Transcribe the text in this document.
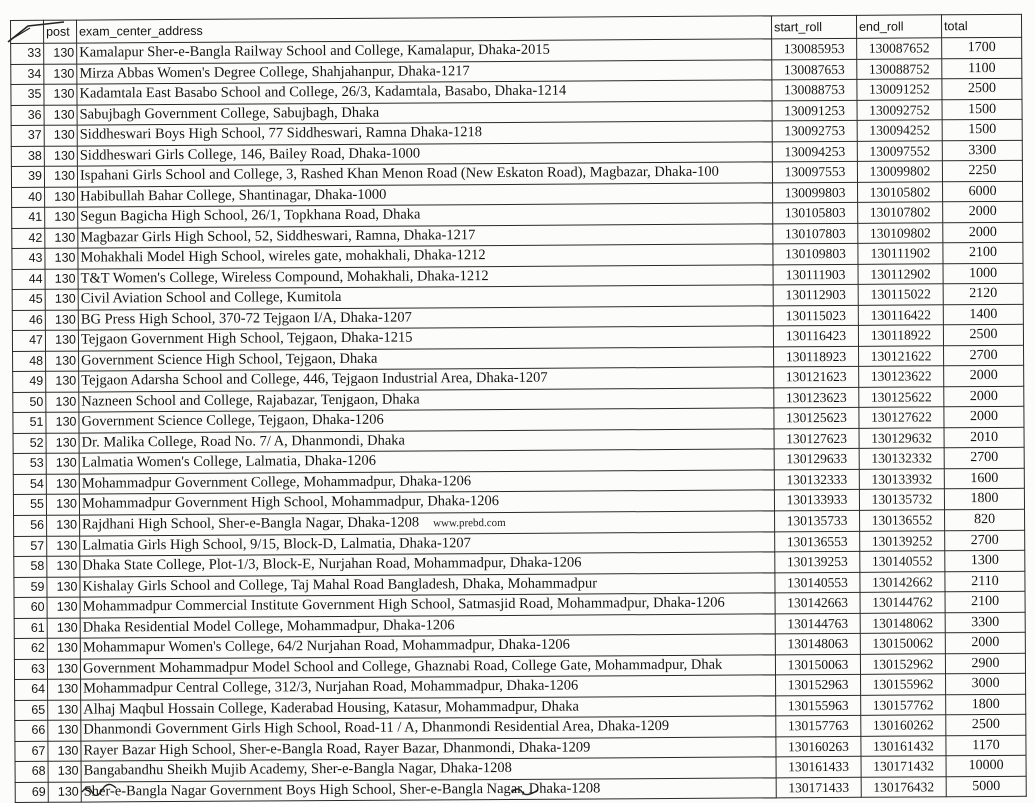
	post	exam_center_address	start_roll	end_roll	total
33	130	Kamalapur Sher-e-Bangla Railway School and College, Kamalapur, Dhaka-2015	130085953	130087652	1700
34	130	Mirza Abbas Women's Degree College, Shahjahanpur, Dhaka-1217	130087653	130088752	1100
35	130	Kadamtala East Basabo School and College, 26/3, Kadamtala, Basabo, Dhaka-1214	130088753	130091252	2500
36	130	Sabujbagh Government College, Sabujbagh, Dhaka	130091253	130092752	1500
37	130	Siddheswari Boys High School, 77 Siddheswari, Ramna Dhaka-1218	130092753	130094252	1500
38	130	Siddheswari Girls College, 146, Bailey Road, Dhaka-1000	130094253	130097552	3300
39	130	Ispahani Girls School and College, 3, Rashed Khan Menon Road (New Eskaton Road), Magbazar, Dhaka-100	130097553	130099802	2250
40	130	Habibullah Bahar College, Shantinagar, Dhaka-1000	130099803	130105802	6000
41	130	Segun Bagicha High School, 26/1, Topkhana Road, Dhaka	130105803	130107802	2000
42	130	Magbazar Girls High School, 52, Siddheswari, Ramna, Dhaka-1217	130107803	130109802	2000
43	130	Mohakhali Model High School, wireles gate, mohakhali, Dhaka-1212	130109803	130111902	2100
44	130	T&T Women's College, Wireless Compound, Mohakhali, Dhaka-1212	130111903	130112902	1000
45	130	Civil Aviation School and College, Kumitola	130112903	130115022	2120
46	130	BG Press High School, 370-72 Tejgaon I/A, Dhaka-1207	130115023	130116422	1400
47	130	Tejgaon Government High School, Tejgaon, Dhaka-1215	130116423	130118922	2500
48	130	Government Science High School, Tejgaon, Dhaka	130118923	130121622	2700
49	130	Tejgaon Adarsha School and College, 446, Tejgaon Industrial Area, Dhaka-1207	130121623	130123622	2000
50	130	Nazneen School and College, Rajabazar, Tenjgaon, Dhaka	130123623	130125622	2000
51	130	Government Science College, Tejgaon, Dhaka-1206	130125623	130127622	2000
52	130	Dr. Malika College, Road No. 7/ A, Dhanmondi, Dhaka	130127623	130129632	2010
53	130	Lalmatia Women's College, Lalmatia, Dhaka-1206	130129633	130132332	2700
54	130	Mohammadpur Government College, Mohammadpur, Dhaka-1206	130132333	130133932	1600
55	130	Mohammadpur Government High School, Mohammadpur, Dhaka-1206	130133933	130135732	1800
56	130	Rajdhani High School, Sher-e-Bangla Nagar, Dhaka-1208 www.prebd.com	130135733	130136552	820
57	130	Lalmatia Girls High School, 9/15, Block-D, Lalmatia, Dhaka-1207	130136553	130139252	2700
58	130	Dhaka State College, Plot-1/3, Block-E, Nurjahan Road, Mohammadpur, Dhaka-1206	130139253	130140552	1300
59	130	Kishalay Girls School and College, Taj Mahal Road Bangladesh, Dhaka, Mohammadpur	130140553	130142662	2110
60	130	Mohammadpur Commercial Institute Government High School, Satmasjid Road, Mohammadpur, Dhaka-1206	130142663	130144762	2100
61	130	Dhaka Residential Model College, Mohammadpur, Dhaka-1206	130144763	130148062	3300
62	130	Mohammapur Women's College, 64/2 Nurjahan Road, Mohammadpur, Dhaka-1206	130148063	130150062	2000
63	130	Government Mohammadpur Model School and College, Ghaznabi Road, College Gate, Mohammadpur, Dhak	130150063	130152962	2900
64	130	Mohammadpur Central College, 312/3, Nurjahan Road, Mohammadpur, Dhaka-1206	130152963	130155962	3000
65	130	Alhaj Maqbul Hossain College, Kaderabad Housing, Katasur, Mohammadpur, Dhaka	130155963	130157762	1800
66	130	Dhanmondi Government Girls High School, Road-11 / A, Dhanmondi Residential Area, Dhaka-1209	130157763	130160262	2500
67	130	Rayer Bazar High School, Sher-e-Bangla Road, Rayer Bazar, Dhanmondi, Dhaka-1209	130160263	130161432	1170
68	130	Bangabandhu Sheikh Mujib Academy, Sher-e-Bangla Nagar, Dhaka-1208	130161433	130171432	10000
69	130	Sher-e-Bangla Nagar Government Boys High School, Sher-e-Bangla Nagar, Dhaka-1208	130171433	130176432	5000
